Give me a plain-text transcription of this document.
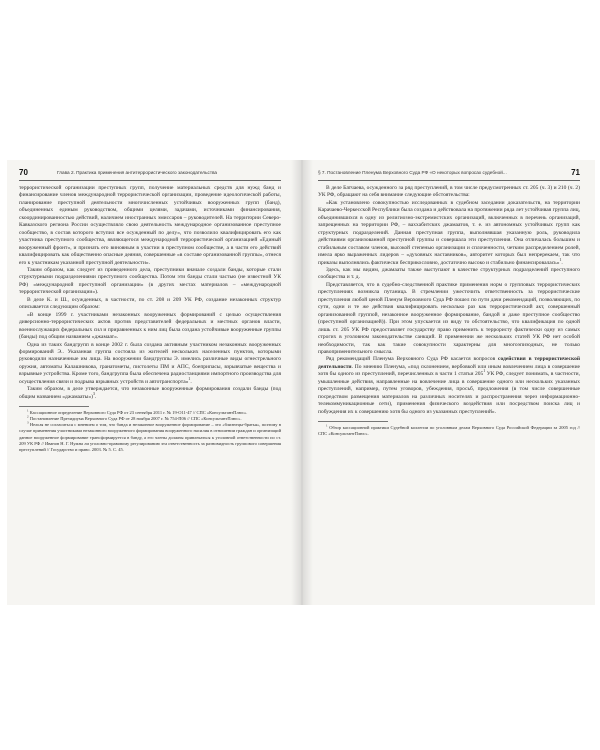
70	Глава 2. Практика применения антитеррористического законодательства

террористической организации преступных групп, получение материальных средств для нужд банд и финансирование членов международной террористической организации, проведение идеологической работы, планирование преступной деятельности многочисленных устойчивых вооруженных групп (банд), объединенных единым руководством, общими целями, задачами, источниками финансирования, скоординированностью действий, наличием иностранных эмиссаров – руководителей. На территории Северо-Кавказского региона России осуществляло свою деятельность международное организованное преступное сообщество, в состав которого вступил все осужденный по делу», что позволило квалифицировать его как участника преступного сообщества, являющегося международной террористической организацией «Единый вооруженный фронт», и признать его виновным в участии в преступном сообществе, а в части его действий квалифицировать как общественно опасные деяния, совершенные «в составе организованной группы», отнеся его к участникам указанной преступной деятельности».

Таким образом, как следует из приведенного дела, преступники вначале создали банды, которые стали структурными подразделениями преступного сообщества. Потом эти банды стали частью (не известной УК РФ) «международной преступной организации» (в других местах материалов – «международной террористической организации»).

В деле К. и Ш., осужденных, в частности, по ст. 208 и 209 УК РФ, создание незаконных структур описывается следующим образом:

«В конце 1999 г. участниками незаконных вооруженных формирований с целью осуществления диверсионно-террористических актов против представителей федеральных и местных органов власти, военнослужащих федеральных сил и приравненных к ним лиц была создана устойчивые вооруженные группы (банды) под общим названием «джамаат».

Одна из таких бандгрупп в конце 2002 г. была создана активным участником незаконных вооруженных формирований Э.. Указанная группа состояла из жителей нескольких населенных пунктов, которыми руководили назначенные им лица. На вооружении бандгруппы Э. имелись различные виды огнестрельного оружия, автоматы Калашникова, гранатометы, пистолеты ПМ и АПС, боеприпасы, взрывчатые вещества и взрывные устройства. Кроме того, бандгруппа была обеспечена радиостанциями импортного производства для осуществления связи и подрыва взрывных устройств и автотранспорта»$^1$.

Таким образом, в деле утверждается, что незаконные вооруженные формирования создали банды (под общим названием «джамааты»)$^3$.

$^1$ Кассационное определение Верховного Суда РФ от 23 сентября 2011 г. № 19-О11-47 // СПС «КонсультантПлюс».

$^2$ Постановление Президиума Верховного Суда РФ от 28 ноября 2007 г. № 754-П06 // СПС «КонсультантПлюс».

$^3$ Нельзя не согласиться с мнением о том, что банда и незаконное вооруженное формирование – это «близнецы-братья», поэтому в случае применения участниками незаконного вооруженного формирования вооруженного насилия в отношении граждан и организаций данное вооруженное формирование трансформируется в банду, а его члены должны привлекаться к уголовной ответственности по ст. 209 УК РФ // Иванов Н. Г. Нужна ли уголовно-правовому регулированию эта ответственность за разновидность группового совершения преступлений // Государство и право. 2003. № 5. С. 45.

§ 7. Постановление Пленума Верховного Суда РФ «О некоторых вопросах судебной...	71

В деле Батчаева, осужденного за ряд преступлений, в том числе предусмотренных ст. 205 (ч. 3) и 210 (ч. 2) УК РФ, обращают на себя внимание следующие обстоятельства:

«Как установлено совокупностью исследованных в судебном заседании доказательств, на территории Карачаево-Черкесской Республики была создана и действовала на протяжении ряда лет устойчивая группа лиц, объединившихся в одну из религиозно-экстремистских организаций, включенных в перечень организаций, запрещенных на территории РФ, – ваххабитских джамаатов, т. е. из автономных устойчивых групп как структурных подразделений. Данная преступная группа, выполнявшая указанную роль, руководила действиями организованной преступной группы и совершала эти преступления. Она отличалась большим и стабильным составом членов, высокой степенью организации и сплоченности, четким распределением ролей, имела ярко выраженных лидеров – «духовных наставников», авторитет которых был непререкаем, так что приказы выполнялись фактически бесприкословно, достаточно высоко и стабильно финансировалась»$^1$.

Здесь, как мы видим, джамааты также выступают в качестве структурных подразделений преступного сообщества и т. д.

Представляется, что в судебно-следственной практике применения норм о групповых террористических преступлениях возникла путаница. В стремлении ужесточить ответственность за террористические преступления любой ценой Пленум Верховного Суда РФ пошел по пути дачи рекомендаций, позволяющих, по сути, одни и те же действия квалифицировать несколько раз как террористический акт, совершенный организованной группой, незаконное вооруженное формирование, бандой и даже преступное сообщество (преступной организацией)). При этом упускается из виду то обстоятельство, что квалификация по одной лишь ст. 205 УК РФ предоставляет государству право применить к террористу фактически одну из самых строгих в уголовном законодательстве санкций. В применении же нескольких статей УК РФ нет особой необходимости, так как такие совокупности характерны для многоэпизодных, не только правоприменительного смысла.

Ряд рекомендаций Пленума Верховного Суда РФ касается вопросов содействия в террористической деятельности. По мнению Пленума, «под склонением, вербовкой или иным вовлечением лица в совершение хотя бы одного из преступлений, перечисленных в части 1 статьи $205^1$ УК РФ, следует понимать, в частности, умышленные действия, направленные на вовлечение лица в совершение одного или нескольких указанных преступлений, например, путем уговоров, убеждения, просьб, предложения (в том числе совершенные посредством размещения материалов на различных носителях и распространения через информационно-телекоммуникационные сети), применения физического воздействия или посредством поиска лиц и побуждения их к совершению хотя бы одного из указанных преступлений».

$^1$ Обзор кассационной практики Судебной коллегии по уголовным делам Верховного Суда Российской Федерации за 2005 год // СПС «КонсультантПлюс».
